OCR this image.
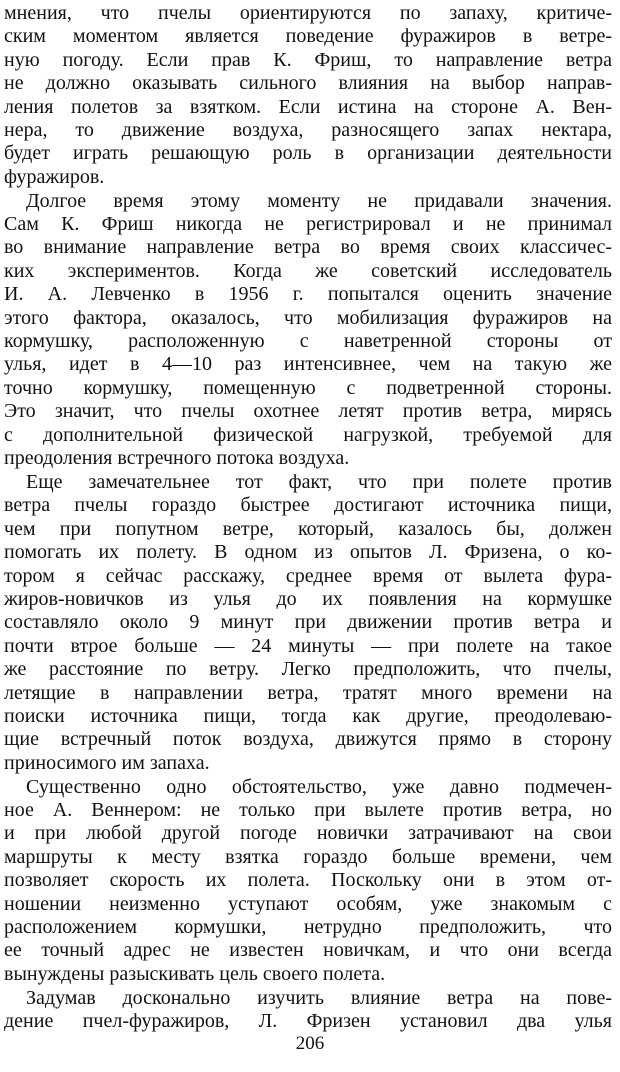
мнения, что пчелы ориентируются по запаху, критиче-
ским моментом является поведение фуражиров в ветре-
ную погоду. Если прав К. Фриш, то направление ветра
не должно оказывать сильного влияния на выбор направ-
ления полетов за взятком. Если истина на стороне А. Вен-
нера, то движение воздуха, разносящего запах нектара,
будет играть решающую роль в организации деятельности
фуражиров.
Долгое время этому моменту не придавали значения.
Сам К. Фриш никогда не регистрировал и не принимал
во внимание направление ветра во время своих классичес-
ких экспериментов. Когда же советский исследователь
И. А. Левченко в 1956 г. попытался оценить значение
этого фактора, оказалось, что мобилизация фуражиров на
кормушку, расположенную с наветренной стороны от
улья, идет в 4—10 раз интенсивнее, чем на такую же
точно кормушку, помещенную с подветренной стороны.
Это значит, что пчелы охотнее летят против ветра, мирясь
с дополнительной физической нагрузкой, требуемой для
преодоления встречного потока воздуха.
Еще замечательнее тот факт, что при полете против
ветра пчелы гораздо быстрее достигают источника пищи,
чем при попутном ветре, который, казалось бы, должен
помогать их полету. В одном из опытов Л. Фризена, о ко-
тором я сейчас расскажу, среднее время от вылета фура-
жиров-новичков из улья до их появления на кормушке
составляло около 9 минут при движении против ветра и
почти втрое больше — 24 минуты — при полете на такое
же расстояние по ветру. Легко предположить, что пчелы,
летящие в направлении ветра, тратят много времени на
поиски источника пищи, тогда как другие, преодолеваю-
щие встречный поток воздуха, движутся прямо в сторону
приносимого им запаха.
Существенно одно обстоятельство, уже давно подмечен-
ное А. Веннером: не только при вылете против ветра, но
и при любой другой погоде новички затрачивают на свои
маршруты к месту взятка гораздо больше времени, чем
позволяет скорость их полета. Поскольку они в этом от-
ношении неизменно уступают особям, уже знакомым с
расположением кормушки, нетрудно предположить, что
ее точный адрес не известен новичкам, и что они всегда
вынуждены разыскивать цель своего полета.
Задумав досконально изучить влияние ветра на пове-
дение пчел-фуражиров, Л. Фризен установил два улья
206
